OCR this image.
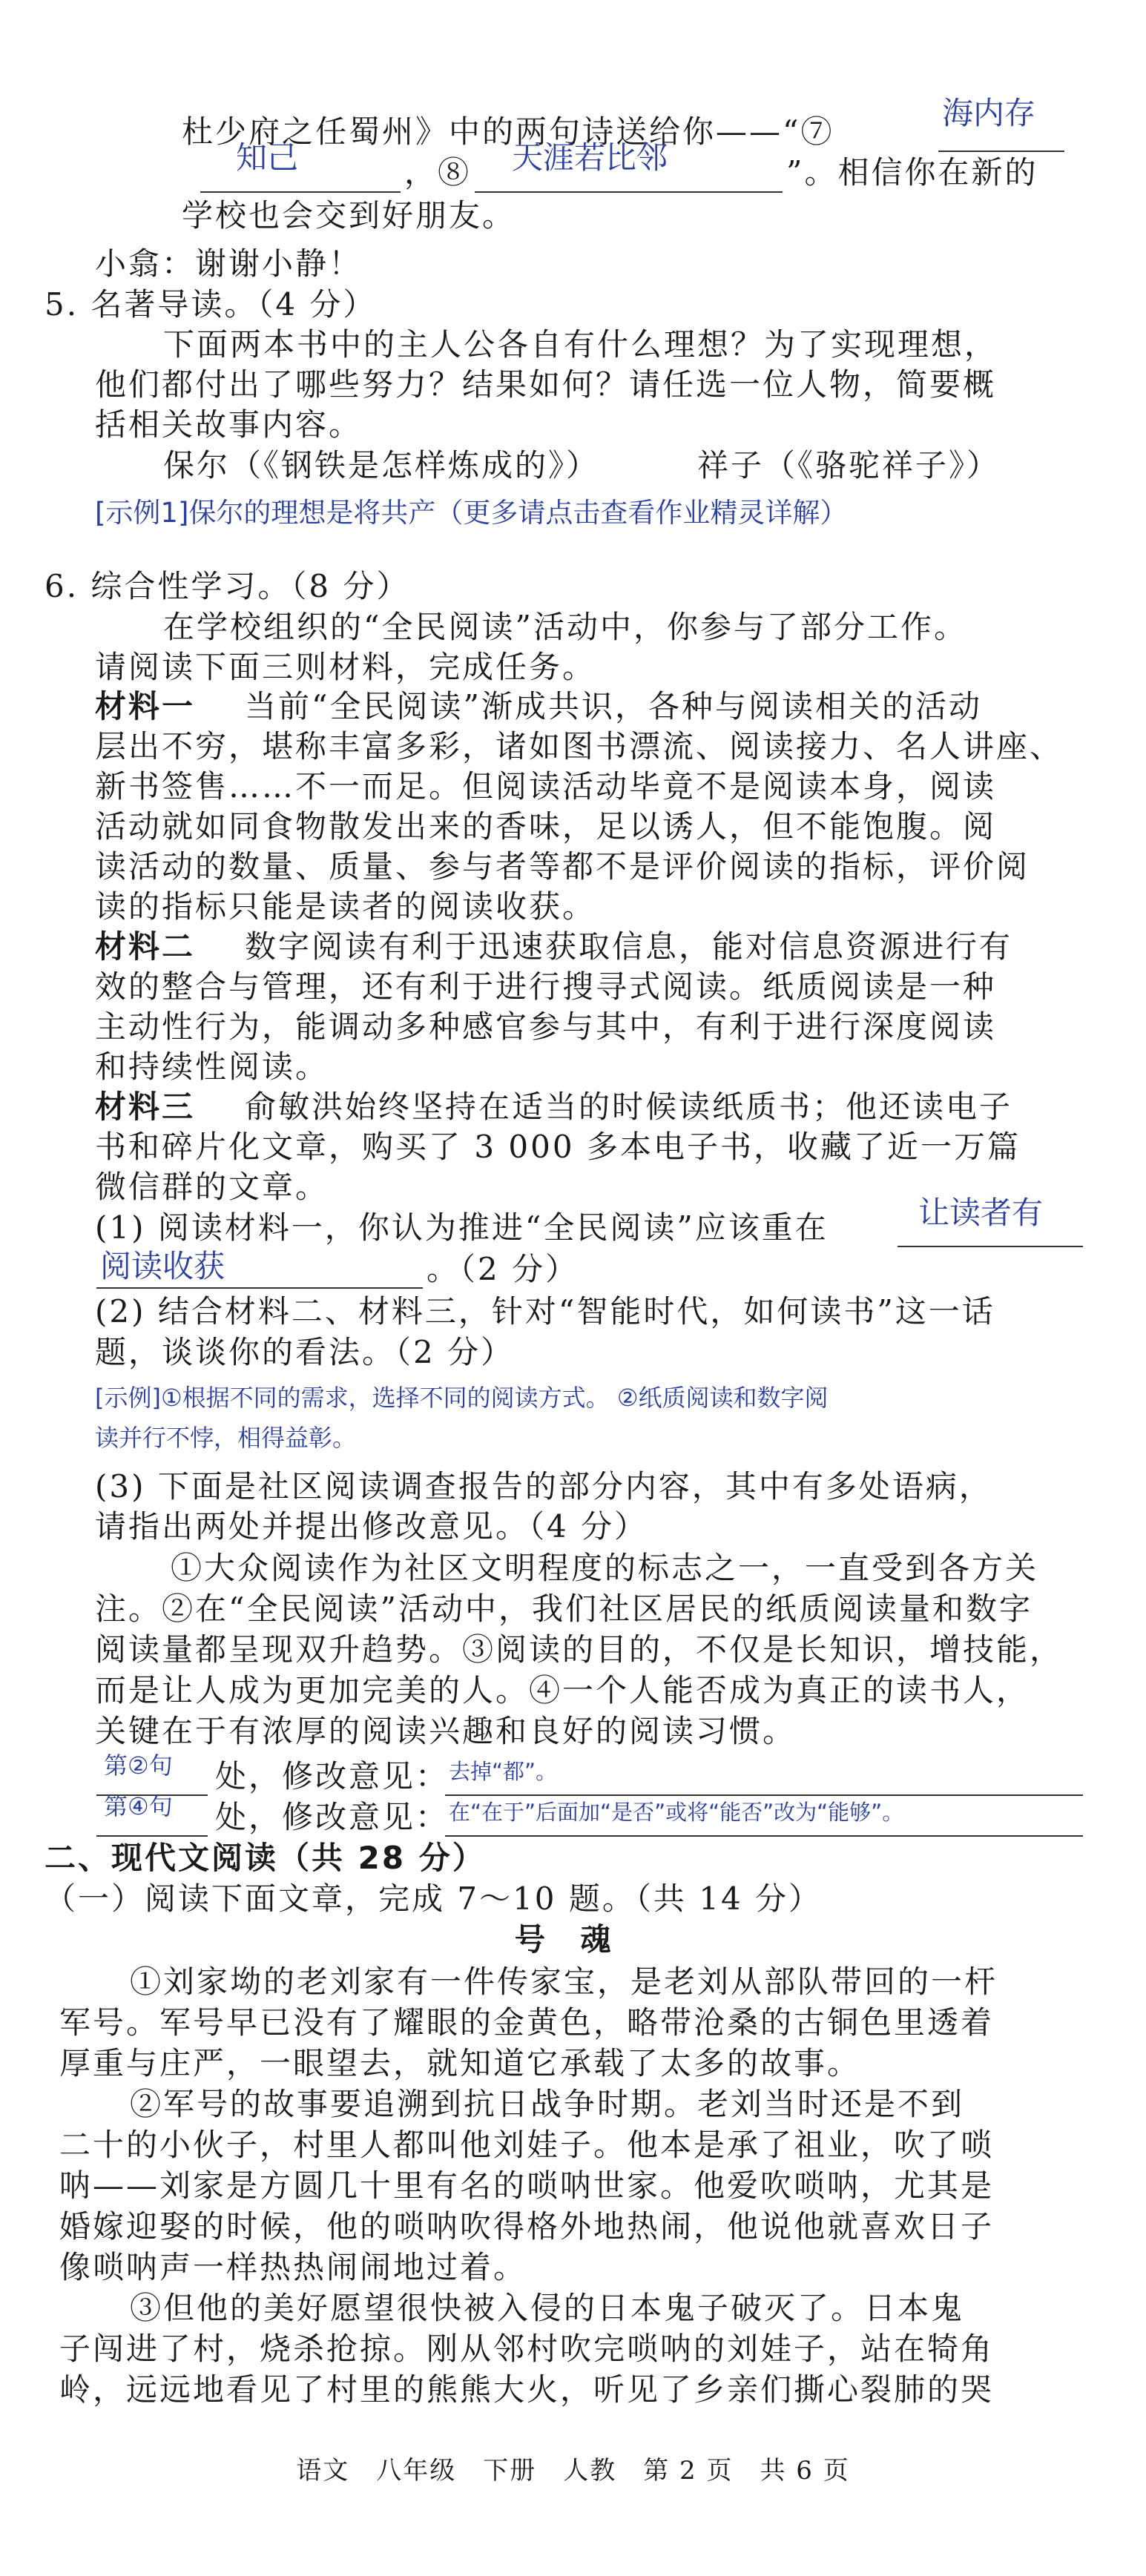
杜少府之任蜀州》中的两句诗送给你——“⑦
，⑧	”。相信你在新的
学校也会交到好朋友。
小翕：谢谢小静！
5. 名著导读。（4 分）
下面两本书中的主人公各自有什么理想？为了实现理想，
他们都付出了哪些努力？结果如何？请任选一位人物，简要概
括相关故事内容。
保尔（《钢铁是怎样炼成的》）	祥子（《骆驼祥子》）
6. 综合性学习。（8 分）
在学校组织的“全民阅读”活动中，你参与了部分工作。
请阅读下面三则材料，完成任务。
当前“全民阅读”渐成共识，各种与阅读相关的活动
层出不穷，堪称丰富多彩，诸如图书漂流、阅读接力、名人讲座、
新书签售……不一而足。但阅读活动毕竟不是阅读本身，阅读
活动就如同食物散发出来的香味，足以诱人，但不能饱腹。阅
读活动的数量、质量、参与者等都不是评价阅读的指标，评价阅
读的指标只能是读者的阅读收获。
数字阅读有利于迅速获取信息，能对信息资源进行有
效的整合与管理，还有利于进行搜寻式阅读。纸质阅读是一种
主动性行为，能调动多种感官参与其中，有利于进行深度阅读
和持续性阅读。
俞敏洪始终坚持在适当的时候读纸质书；他还读电子
书和碎片化文章，购买了 3 000 多本电子书，收藏了近一万篇
微信群的文章。
(1) 阅读材料一，你认为推进“全民阅读”应该重在
。（2 分）
(2) 结合材料二、材料三，针对“智能时代，如何读书”这一话
题，谈谈你的看法。（2 分）
(3) 下面是社区阅读调查报告的部分内容，其中有多处语病，
请指出两处并提出修改意见。（4 分）
①大众阅读作为社区文明程度的标志之一，一直受到各方关
注。②在“全民阅读”活动中，我们社区居民的纸质阅读量和数字
阅读量都呈现双升趋势。③阅读的目的，不仅是长知识，增技能，
而是让人成为更加完美的人。④一个人能否成为真正的读书人，
关键在于有浓厚的阅读兴趣和良好的阅读习惯。
处，修改意见：
处，修改意见：
二、现代文阅读（共 28 分）
（一）阅读下面文章，完成 7～10 题。（共 14 分）
①刘家坳的老刘家有一件传家宝，是老刘从部队带回的一杆
军号。军号早已没有了耀眼的金黄色，略带沧桑的古铜色里透着
厚重与庄严，一眼望去，就知道它承载了太多的故事。
②军号的故事要追溯到抗日战争时期。老刘当时还是不到
二十的小伙子，村里人都叫他刘娃子。他本是承了祖业，吹了唢
呐——刘家是方圆几十里有名的唢呐世家。他爱吹唢呐，尤其是
婚嫁迎娶的时候，他的唢呐吹得格外地热闹，他说他就喜欢日子
像唢呐声一样热热闹闹地过着。
③但他的美好愿望很快被入侵的日本鬼子破灭了。日本鬼
子闯进了村，烧杀抢掠。刚从邻村吹完唢呐的刘娃子，站在犄角
岭，远远地看见了村里的熊熊大火，听见了乡亲们撕心裂肺的哭
材料一
材料二
材料三
号　魂
海内存
知己	天涯若比邻
[示例1]保尔的理想是将共产（更多请点击查看作业精灵详解）
让读者有
阅读收获
[示例]①根据不同的需求，选择不同的阅读方式。 ②纸质阅读和数字阅
读并行不悖，相得益彰。
第②句	去掉“都”。
第④句	在“在于”后面加“是否”或将“能否”改为“能够”。
语文　八年级　下册　人教　第 2 页　共 6 页
